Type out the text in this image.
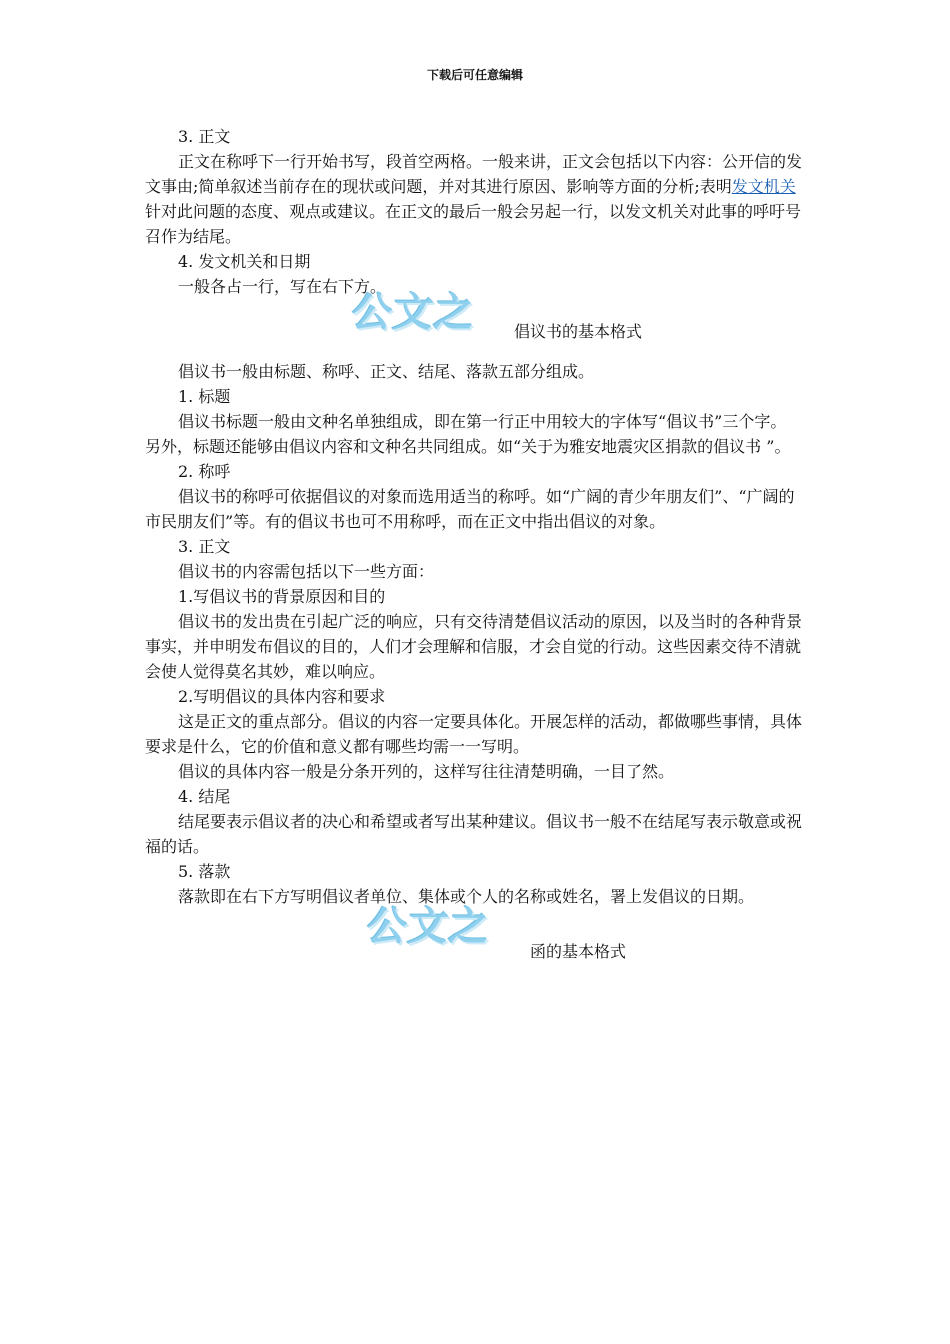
下载后可任意编辑

3. 正文

正文在称呼下一行开始书写，段首空两格。一般来讲，正文会包括以下内容：公开信的发文事由;简单叙述当前存在的现状或问题，并对其进行原因、影响等方面的分析;表明发文机关针对此问题的态度、观点或建议。在正文的最后一般会另起一行，以发文机关对此事的呼吁号召作为结尾。

4. 发文机关和日期

一般各占一行，写在右下方。

公文之 倡议书的基本格式

倡议书一般由标题、称呼、正文、结尾、落款五部分组成。

1. 标题

倡议书标题一般由文种名单独组成，即在第一行正中用较大的字体写“倡议书”三个字。　　另外，标题还能够由倡议内容和文种名共同组成。如“关于为雅安地震灾区捐款的倡议书 ”。

2. 称呼

倡议书的称呼可依据倡议的对象而选用适当的称呼。如“广阔的青少年朋友们”、“广阔的市民朋友们”等。有的倡议书也可不用称呼，而在正文中指出倡议的对象。

3. 正文

倡议书的内容需包括以下一些方面：

1.写倡议书的背景原因和目的

倡议书的发出贵在引起广泛的响应，只有交待清楚倡议活动的原因，以及当时的各种背景事实，并申明发布倡议的目的，人们才会理解和信服，才会自觉的行动。这些因素交待不清就会使人觉得莫名其妙，难以响应。

2.写明倡议的具体内容和要求

这是正文的重点部分。倡议的内容一定要具体化。开展怎样的活动，都做哪些事情，具体要求是什么，它的价值和意义都有哪些均需一一写明。

倡议的具体内容一般是分条开列的，这样写往往清楚明确，一目了然。

4. 结尾

结尾要表示倡议者的决心和希望或者写出某种建议。倡议书一般不在结尾写表示敬意或祝福的话。

5. 落款

落款即在右下方写明倡议者单位、集体或个人的名称或姓名，署上发倡议的日期。

公文之
函的基本格式
